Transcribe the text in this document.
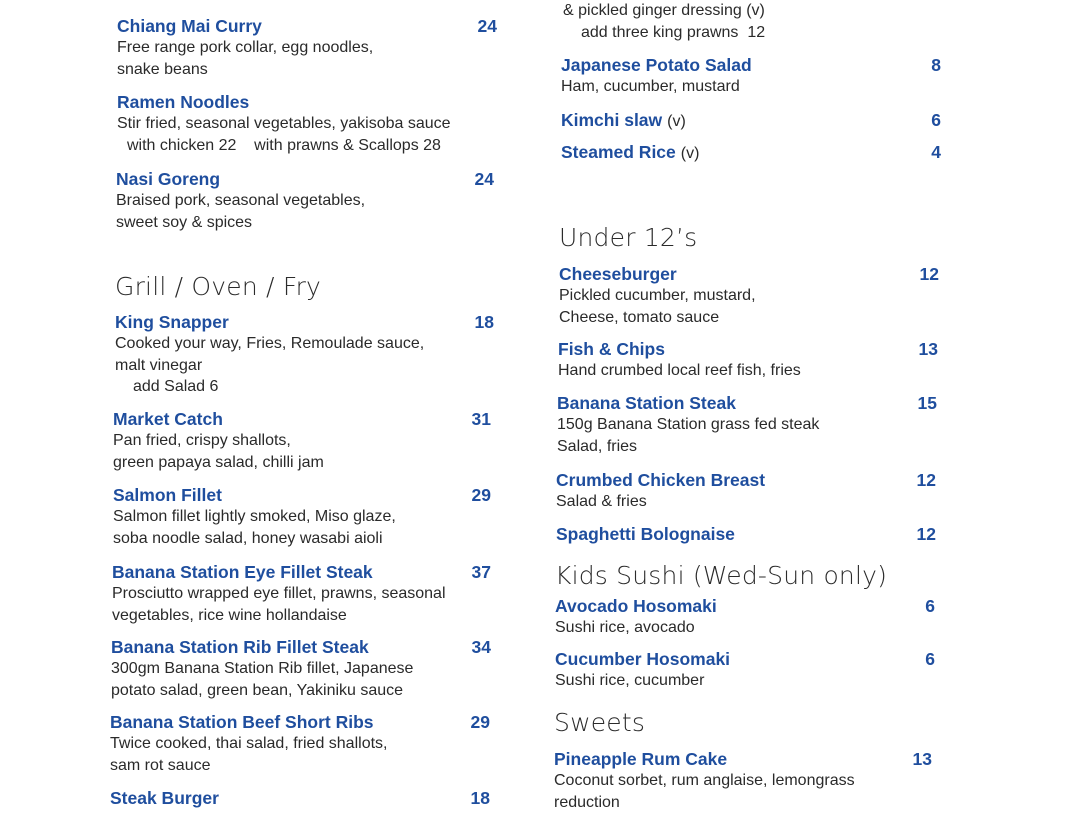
Chiang Mai Curry	24
Free range pork collar, egg noodles,
snake beans
Ramen Noodles
Stir fried, seasonal vegetables, yakisoba sauce
with chicken 22    with prawns & Scallops 28
Nasi Goreng	24
Braised pork, seasonal vegetables,
sweet soy & spices
Grill / Oven / Fry
King Snapper	18
Cooked your way, Fries, Remoulade sauce,
malt vinegar
add Salad 6
Market Catch	31
Pan fried, crispy shallots,
green papaya salad, chilli jam
Salmon Fillet	29
Salmon fillet lightly smoked, Miso glaze,
soba noodle salad, honey wasabi aioli
Banana Station Eye Fillet Steak	37
Prosciutto wrapped eye fillet, prawns, seasonal
vegetables, rice wine hollandaise
Banana Station Rib Fillet Steak	34
300gm Banana Station Rib fillet, Japanese
potato salad, green bean, Yakiniku sauce
Banana Station Beef Short Ribs	29
Twice cooked, thai salad, fried shallots,
sam rot sauce
Steak Burger	18
& pickled ginger dressing (v)
add three king prawns  12
Japanese Potato Salad	8
Ham, cucumber, mustard
Kimchi slaw (v)	6
Steamed Rice (v)	4
Under 12’s
Cheeseburger	12
Pickled cucumber, mustard,
Cheese, tomato sauce
Fish & Chips	13
Hand crumbed local reef fish, fries
Banana Station Steak	15
150g Banana Station grass fed steak
Salad, fries
Crumbed Chicken Breast	12
Salad & fries
Spaghetti Bolognaise	12
Kids Sushi (Wed-Sun only)
Avocado Hosomaki	6
Sushi rice, avocado
Cucumber Hosomaki	6
Sushi rice, cucumber
Sweets
Pineapple Rum Cake	13
Coconut sorbet, rum anglaise, lemongrass
reduction
